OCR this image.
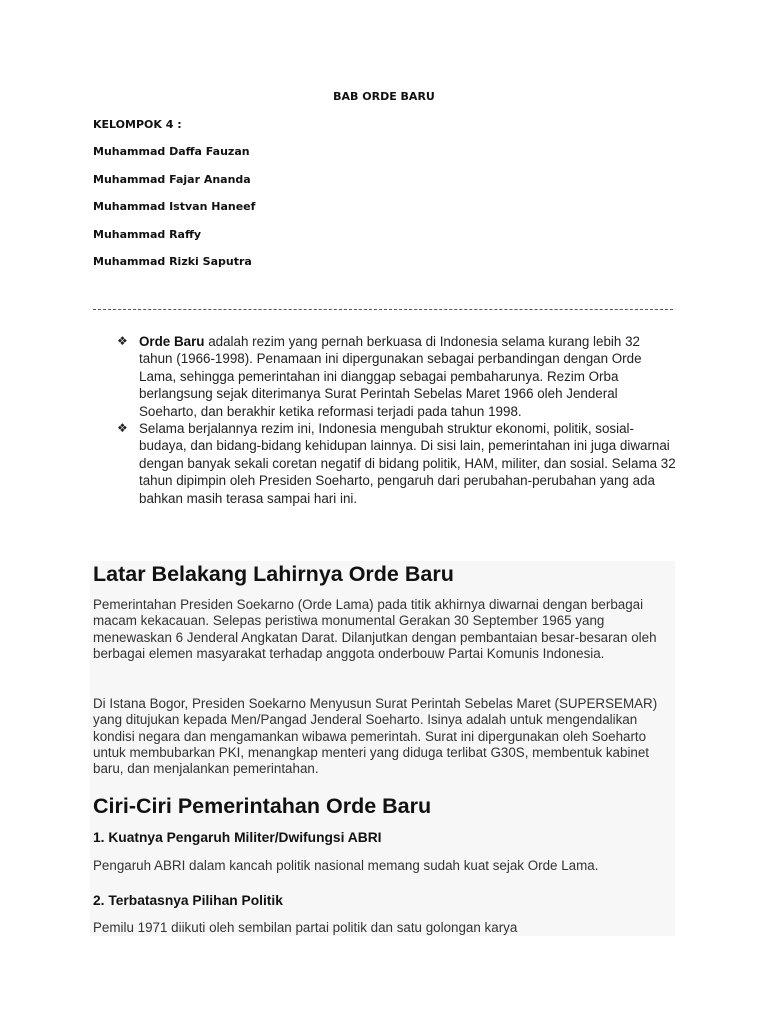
BAB ORDE BARU
KELOMPOK 4 :
Muhammad Daffa Fauzan
Muhammad Fajar Ananda
Muhammad Istvan Haneef
Muhammad Raffy
Muhammad Rizki Saputra

❖ Orde Baru adalah rezim yang pernah berkuasa di Indonesia selama kurang lebih 32 tahun (1966-1998). Penamaan ini dipergunakan sebagai perbandingan dengan Orde Lama, sehingga pemerintahan ini dianggap sebagai pembaharunya. Rezim Orba berlangsung sejak diterimanya Surat Perintah Sebelas Maret 1966 oleh Jenderal Soeharto, dan berakhir ketika reformasi terjadi pada tahun 1998.

❖ Selama berjalannya rezim ini, Indonesia mengubah struktur ekonomi, politik, sosial-budaya, dan bidang-bidang kehidupan lainnya. Di sisi lain, pemerintahan ini juga diwarnai dengan banyak sekali coretan negatif di bidang politik, HAM, militer, dan sosial. Selama 32 tahun dipimpin oleh Presiden Soeharto, pengaruh dari perubahan-perubahan yang ada bahkan masih terasa sampai hari ini.

Latar Belakang Lahirnya Orde Baru

Pemerintahan Presiden Soekarno (Orde Lama) pada titik akhirnya diwarnai dengan berbagai macam kekacauan. Selepas peristiwa monumental Gerakan 30 September 1965 yang menewaskan 6 Jenderal Angkatan Darat. Dilanjutkan dengan pembantaian besar-besaran oleh berbagai elemen masyarakat terhadap anggota onderbouw Partai Komunis Indonesia.

Di Istana Bogor, Presiden Soekarno Menyusun Surat Perintah Sebelas Maret (SUPERSEMAR) yang ditujukan kepada Men/Pangad Jenderal Soeharto. Isinya adalah untuk mengendalikan kondisi negara dan mengamankan wibawa pemerintah. Surat ini dipergunakan oleh Soeharto untuk membubarkan PKI, menangkap menteri yang diduga terlibat G30S, membentuk kabinet baru, dan menjalankan pemerintahan.

Ciri-Ciri Pemerintahan Orde Baru
1. Kuatnya Pengaruh Militer/Dwifungsi ABRI

Pengaruh ABRI dalam kancah politik nasional memang sudah kuat sejak Orde Lama.

2. Terbatasnya Pilihan Politik

Pemilu 1971 diikuti oleh sembilan partai politik dan satu golongan karya
